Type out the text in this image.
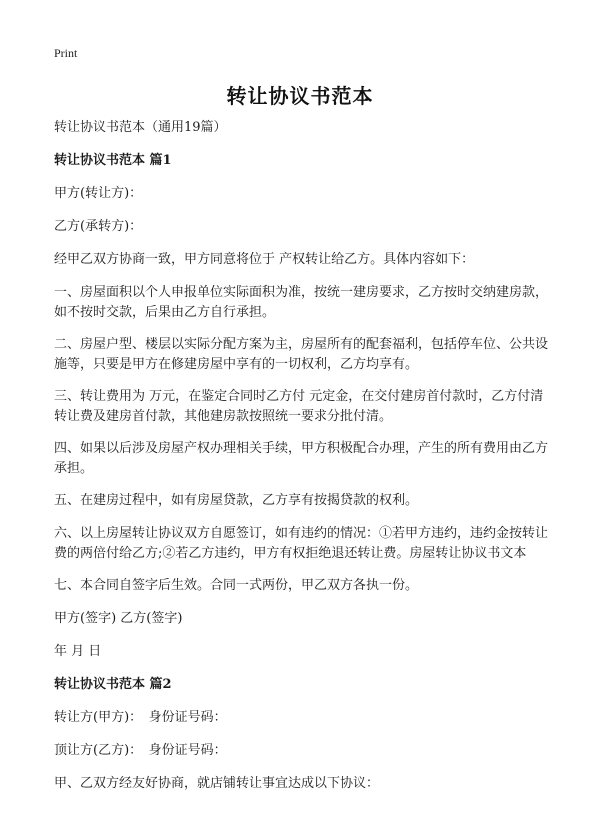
Print
转让协议书范本

转让协议书范本（通用19篇）

转让协议书范本 篇1

甲方(转让方)：

乙方(承转方)：

经甲乙双方协商一致，甲方同意将位于 产权转让给乙方。具体内容如下：

一、房屋面积以个人申报单位实际面积为准，按统一建房要求，乙方按时交纳建房款，如不按时交款，后果由乙方自行承担。

二、房屋户型、楼层以实际分配方案为主，房屋所有的配套福利，包括停车位、公共设施等，只要是甲方在修建房屋中享有的一切权利，乙方均享有。

三、转让费用为 万元，在鉴定合同时乙方付 元定金，在交付建房首付款时，乙方付清转让费及建房首付款，其他建房款按照统一要求分批付清。

四、如果以后涉及房屋产权办理相关手续，甲方积极配合办理，产生的所有费用由乙方承担。

五、在建房过程中，如有房屋贷款，乙方享有按揭贷款的权利。

六、以上房屋转让协议双方自愿签订，如有违约的情况：①若甲方违约，违约金按转让费的两倍付给乙方;②若乙方违约，甲方有权拒绝退还转让费。房屋转让协议书文本

七、本合同自签字后生效。合同一式两份，甲乙双方各执一份。

甲方(签字) 乙方(签字)

年 月 日

转让协议书范本 篇2

转让方(甲方)：　身份证号码：

顶让方(乙方)：　身份证号码：

甲、乙双方经友好协商，就店铺转让事宜达成以下协议：
